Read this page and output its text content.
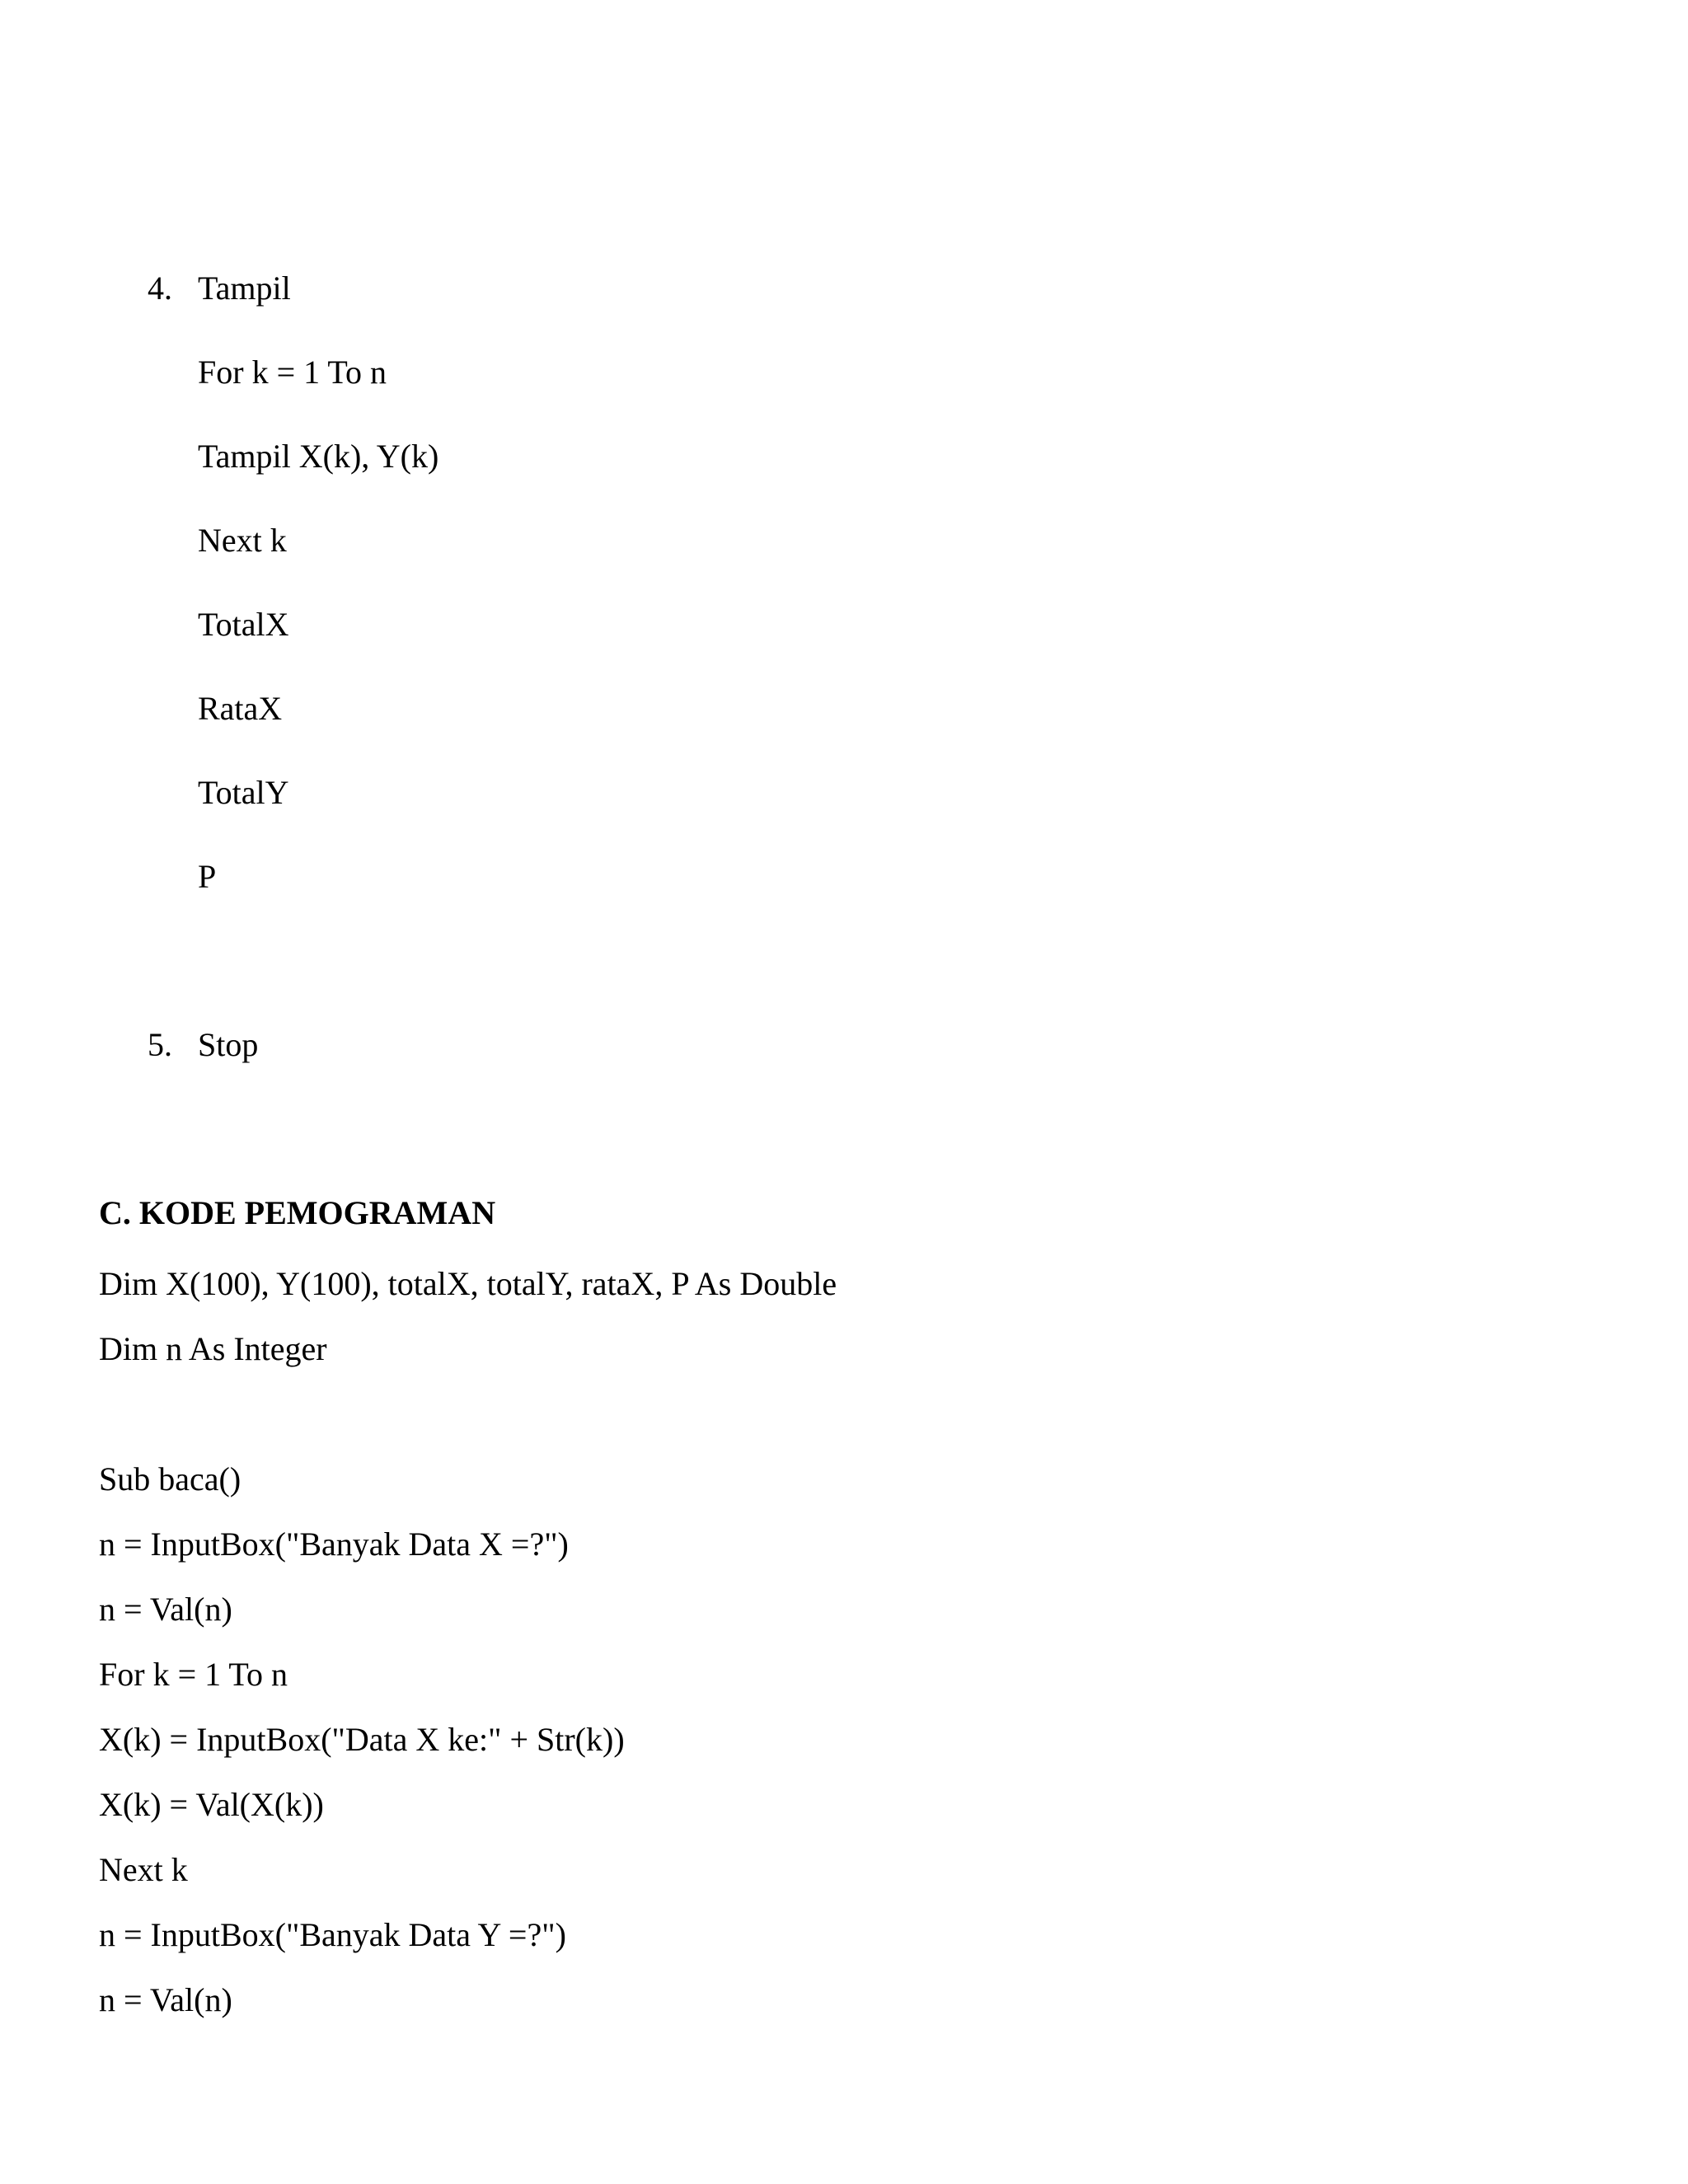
4. Tampil
For k = 1 To n
Tampil X(k), Y(k)
Next k
TotalX
RataX
TotalY
P
5. Stop
C. KODE PEMOGRAMAN
Dim X(100), Y(100), totalX, totalY, rataX, P As Double
Dim n As Integer
Sub baca()
n = InputBox("Banyak Data X =?")
n = Val(n)
For k = 1 To n
X(k) = InputBox("Data X ke:" + Str(k))
X(k) = Val(X(k))
Next k
n = InputBox("Banyak Data Y =?")
n = Val(n)
